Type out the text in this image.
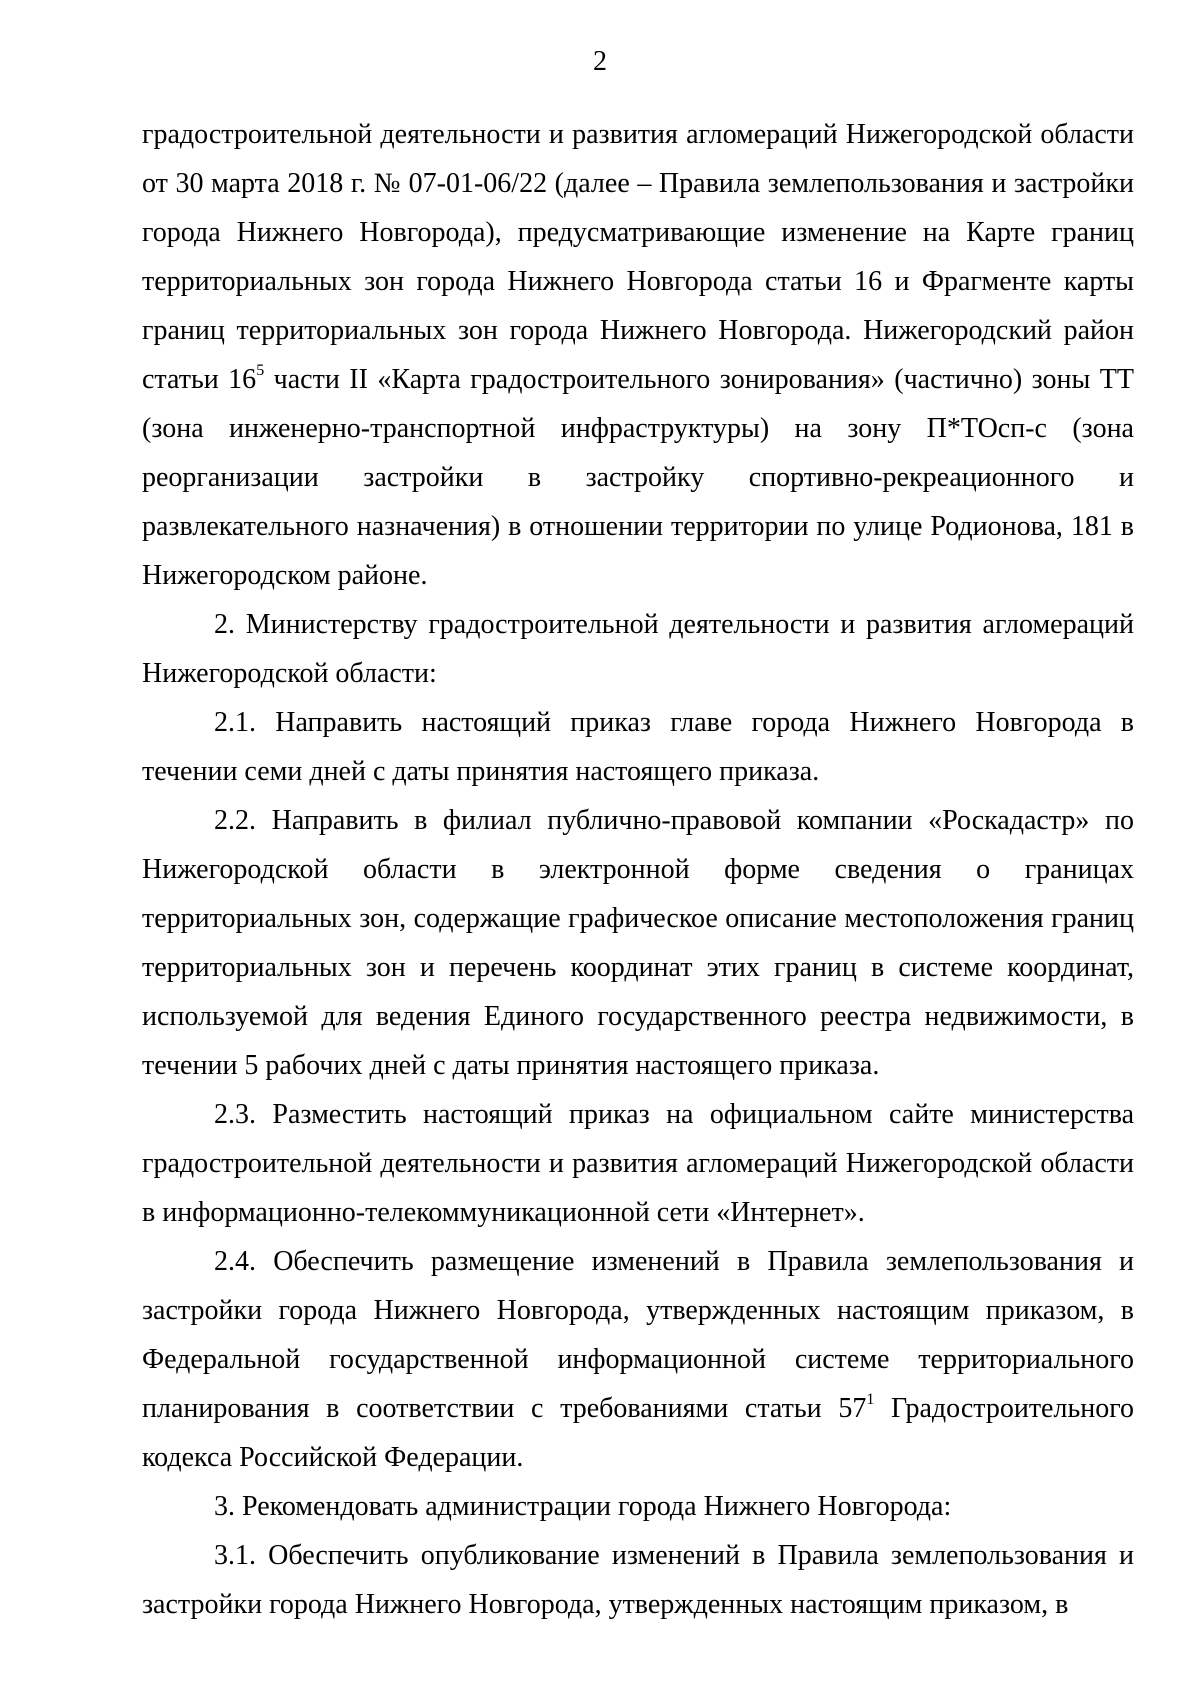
2

градостроительной деятельности и развития агломераций Нижегородской области от 30 марта 2018 г. № 07-01-06/22 (далее – Правила землепользования и застройки города Нижнего Новгорода), предусматривающие изменение на Карте границ территориальных зон города Нижнего Новгорода статьи 16 и Фрагменте карты границ территориальных зон города Нижнего Новгорода. Нижегородский район статьи $16^5$ части II «Карта градостроительного зонирования» (частично) зоны ТТ (зона инженерно-транспортной инфраструктуры) на зону П*ТОсп-с (зона реорганизации застройки в застройку спортивно-рекреационного и развлекательного назначения) в отношении территории по улице Родионова, 181 в Нижегородском районе.

2. Министерству градостроительной деятельности и развития агломераций Нижегородской области:

2.1. Направить настоящий приказ главе города Нижнего Новгорода в течении семи дней с даты принятия настоящего приказа.

2.2. Направить в филиал публично-правовой компании «Роскадастр» по Нижегородской области в электронной форме сведения о границах территориальных зон, содержащие графическое описание местоположения границ территориальных зон и перечень координат этих границ в системе координат, используемой для ведения Единого государственного реестра недвижимости, в течении 5 рабочих дней с даты принятия настоящего приказа.

2.3. Разместить настоящий приказ на официальном сайте министерства градостроительной деятельности и развития агломераций Нижегородской области в информационно-телекоммуникационной сети «Интернет».

2.4. Обеспечить размещение изменений в Правила землепользования и застройки города Нижнего Новгорода, утвержденных настоящим приказом, в Федеральной государственной информационной системе территориального планирования в соответствии с требованиями статьи $57^1$ Градостроительного кодекса Российской Федерации.

3. Рекомендовать администрации города Нижнего Новгорода:

3.1. Обеспечить опубликование изменений в Правила землепользования и застройки города Нижнего Новгорода, утвержденных настоящим приказом, в
